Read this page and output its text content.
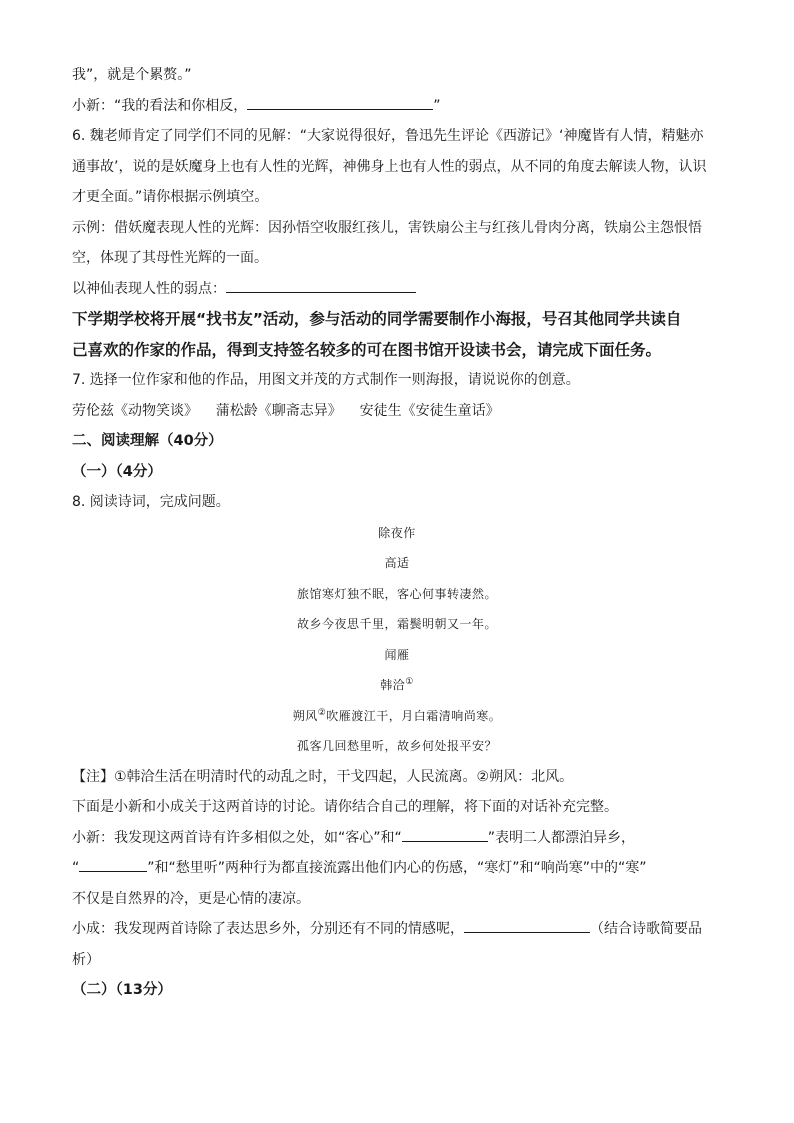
我”，就是个累赘。”
小新：“我的看法和你相反，	”
6. 魏老师肯定了同学们不同的见解：“大家说得很好，鲁迅先生评论《西游记》‘神魔皆有人情，精魅亦
通事故’，说的是妖魔身上也有人性的光辉，神佛身上也有人性的弱点，从不同的角度去解读人物，认识
才更全面。”请你根据示例填空。
示例：借妖魔表现人性的光辉：因孙悟空收服红孩儿，害铁扇公主与红孩儿骨肉分离，铁扇公主怨恨悟
空，体现了其母性光辉的一面。
以神仙表现人性的弱点：
下学期学校将开展“找书友”活动，参与活动的同学需要制作小海报，号召其他同学共读自
己喜欢的作家的作品，得到支持签名较多的可在图书馆开设读书会，请完成下面任务。
7. 选择一位作家和他的作品，用图文并茂的方式制作一则海报，请说说你的创意。
劳伦兹《动物笑谈》    蒲松龄《聊斋志异》    安徒生《安徒生童话》
二、阅读理解（40分）
（一）（4分）
8. 阅读诗词，完成问题。
除夜作
高适
旅馆寒灯独不眠，客心何事转凄然。
故乡今夜思千里，霜鬓明朝又一年。
闻雁
韩洽①
朔风②吹雁渡江干，月白霜清响尚寒。
孤客几回愁里听，故乡何处报平安？
【注】①韩洽生活在明清时代的动乱之时，干戈四起，人民流离。②朔风：北风。
下面是小新和小成关于这两首诗的讨论。请你结合自己的理解，将下面的对话补充完整。
小新：我发现这两首诗有许多相似之处，如“客心”和“	”表明二人都漂泊异乡，
“	”和“愁里听”两种行为都直接流露出他们内心的伤感，“寒灯”和“响尚寒”中的“寒”
不仅是自然界的冷，更是心情的凄凉。
小成：我发现两首诗除了表达思乡外，分别还有不同的情感呢，	（结合诗歌简要品
析）
（二）（13分）
